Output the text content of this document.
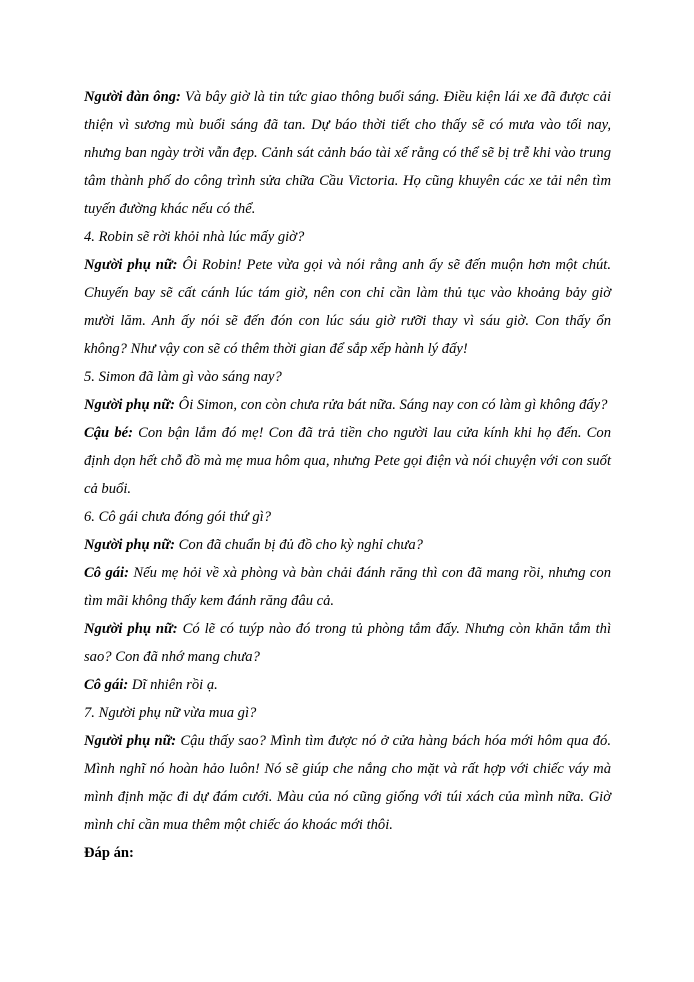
Người đàn ông: Và bây giờ là tin tức giao thông buổi sáng. Điều kiện lái xe đã được cải thiện vì sương mù buổi sáng đã tan. Dự báo thời tiết cho thấy sẽ có mưa vào tối nay, nhưng ban ngày trời vẫn đẹp. Cảnh sát cảnh báo tài xế rằng có thể sẽ bị trễ khi vào trung tâm thành phố do công trình sửa chữa Cầu Victoria. Họ cũng khuyên các xe tải nên tìm tuyến đường khác nếu có thể.

4. Robin sẽ rời khỏi nhà lúc mấy giờ?

Người phụ nữ: Ôi Robin! Pete vừa gọi và nói rằng anh ấy sẽ đến muộn hơn một chút. Chuyến bay sẽ cất cánh lúc tám giờ, nên con chỉ cần làm thủ tục vào khoảng bảy giờ mười lăm. Anh ấy nói sẽ đến đón con lúc sáu giờ rưỡi thay vì sáu giờ. Con thấy ổn không? Như vậy con sẽ có thêm thời gian để sắp xếp hành lý đấy!

5. Simon đã làm gì vào sáng nay?

Người phụ nữ: Ôi Simon, con còn chưa rửa bát nữa. Sáng nay con có làm gì không đấy?

Cậu bé: Con bận lắm đó mẹ! Con đã trả tiền cho người lau cửa kính khi họ đến. Con định dọn hết chỗ đồ mà mẹ mua hôm qua, nhưng Pete gọi điện và nói chuyện với con suốt cả buổi.

6. Cô gái chưa đóng gói thứ gì?

Người phụ nữ: Con đã chuẩn bị đủ đồ cho kỳ nghỉ chưa?

Cô gái: Nếu mẹ hỏi về xà phòng và bàn chải đánh răng thì con đã mang rồi, nhưng con tìm mãi không thấy kem đánh răng đâu cả.

Người phụ nữ: Có lẽ có tuýp nào đó trong tủ phòng tắm đấy. Nhưng còn khăn tắm thì sao? Con đã nhớ mang chưa?

Cô gái: Dĩ nhiên rồi ạ.

7. Người phụ nữ vừa mua gì?

Người phụ nữ: Cậu thấy sao? Mình tìm được nó ở cửa hàng bách hóa mới hôm qua đó. Mình nghĩ nó hoàn hảo luôn! Nó sẽ giúp che nắng cho mặt và rất hợp với chiếc váy mà mình định mặc đi dự đám cưới. Màu của nó cũng giống với túi xách của mình nữa. Giờ mình chỉ cần mua thêm một chiếc áo khoác mới thôi.

Đáp án:
